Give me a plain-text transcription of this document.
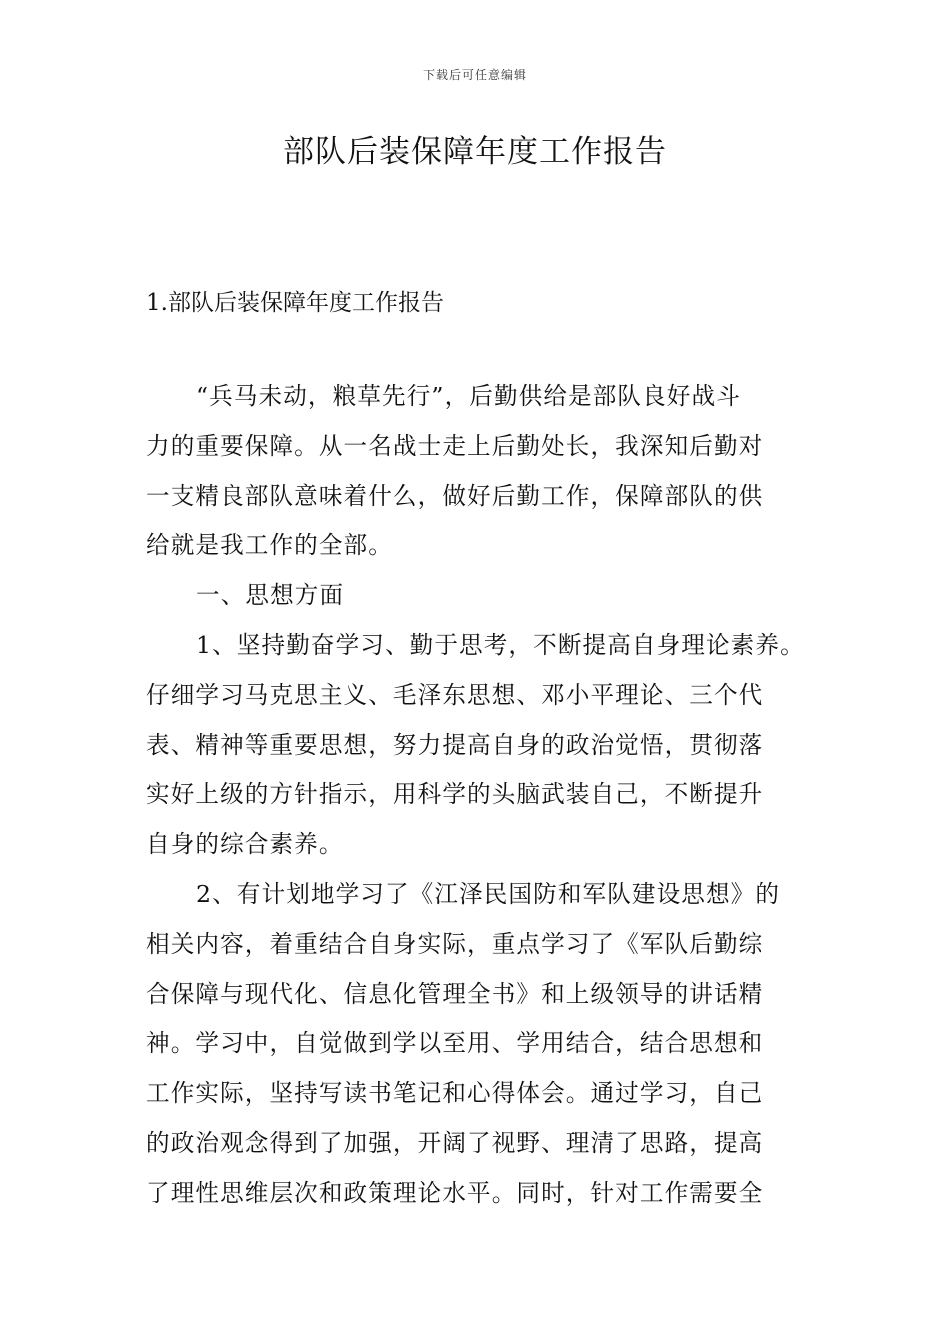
下载后可任意编辑
部队后装保障年度工作报告
1.部队后装保障年度工作报告
“兵马未动，粮草先行”，后勤供给是部队良好战斗
力的重要保障。从一名战士走上后勤处长，我深知后勤对
一支精良部队意味着什么，做好后勤工作，保障部队的供
给就是我工作的全部。
一、思想方面
1、坚持勤奋学习、勤于思考，不断提高自身理论素养。
仔细学习马克思主义、毛泽东思想、邓小平理论、三个代
表、精神等重要思想，努力提高自身的政治觉悟，贯彻落
实好上级的方针指示，用科学的头脑武装自己，不断提升
自身的综合素养。
2、有计划地学习了《江泽民国防和军队建设思想》的
相关内容，着重结合自身实际，重点学习了《军队后勤综
合保障与现代化、信息化管理全书》和上级领导的讲话精
神。学习中，自觉做到学以至用、学用结合，结合思想和
工作实际，坚持写读书笔记和心得体会。通过学习，自己
的政治观念得到了加强，开阔了视野、理清了思路，提高
了理性思维层次和政策理论水平。同时，针对工作需要全
